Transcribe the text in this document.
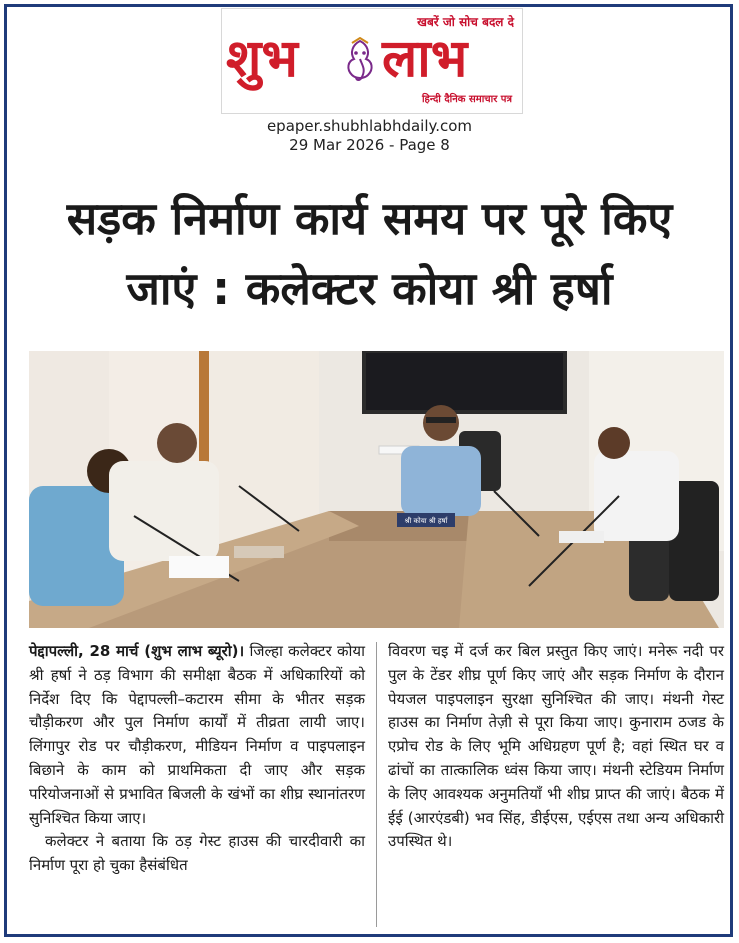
खबरें जो सोच बदल दे
शुभ लाभ
हिन्दी दैनिक समाचार पत्र
epaper.shubhlabhdaily.com
29 Mar 2026 - Page 8
सड़क निर्माण कार्य समय पर पूरे किए
जाएं : कलेक्टर कोया श्री हर्षा
श्री कोया श्री हर्षा

पेद्दापल्ली, 28 मार्च (शुभ लाभ ब्यूरो)। जिल्हा कलेक्टर कोया श्री हर्षा ने ठड़ विभाग की समीक्षा बैठक में अधिकारियों को निर्देश दिए कि पेद्दापल्ली–कटारम सीमा के भीतर सड़क चौड़ीकरण और पुल निर्माण कार्यों में तीव्रता लायी जाए। लिंगापुर रोड पर चौड़ीकरण, मीडियन निर्माण व पाइपलाइन बिछाने के काम को प्राथमिकता दी जाए और सड़क परियोजनाओं से प्रभावित बिजली के खंभों का शीघ्र स्थानांतरण सुनिश्चित किया जाए।

कलेक्टर ने बताया कि ठड़ गेस्ट हाउस की चारदीवारी का निर्माण पूरा हो चुका हैसंबंधित

विवरण चइ में दर्ज कर बिल प्रस्तुत किए जाएं। मनेरू नदी पर पुल के टेंडर शीघ्र पूर्ण किए जाएं और सड़क निर्माण के दौरान पेयजल पाइपलाइन सुरक्षा सुनिश्चित की जाए। मंथनी गेस्ट हाउस का निर्माण तेज़ी से पूरा किया जाए। कुनाराम ठजड के एप्रोच रोड के लिए भूमि अधिग्रहण पूर्ण है; वहां स्थित घर व ढांचों का तात्कालिक ध्वंस किया जाए। मंथनी स्टेडियम निर्माण के लिए आवश्यक अनुमतियाँ भी शीघ्र प्राप्त की जाएं। बैठक में ईई (आरएंडबी) भव सिंह, डीईएस, एईएस तथा अन्य अधिकारी उपस्थित थे।
